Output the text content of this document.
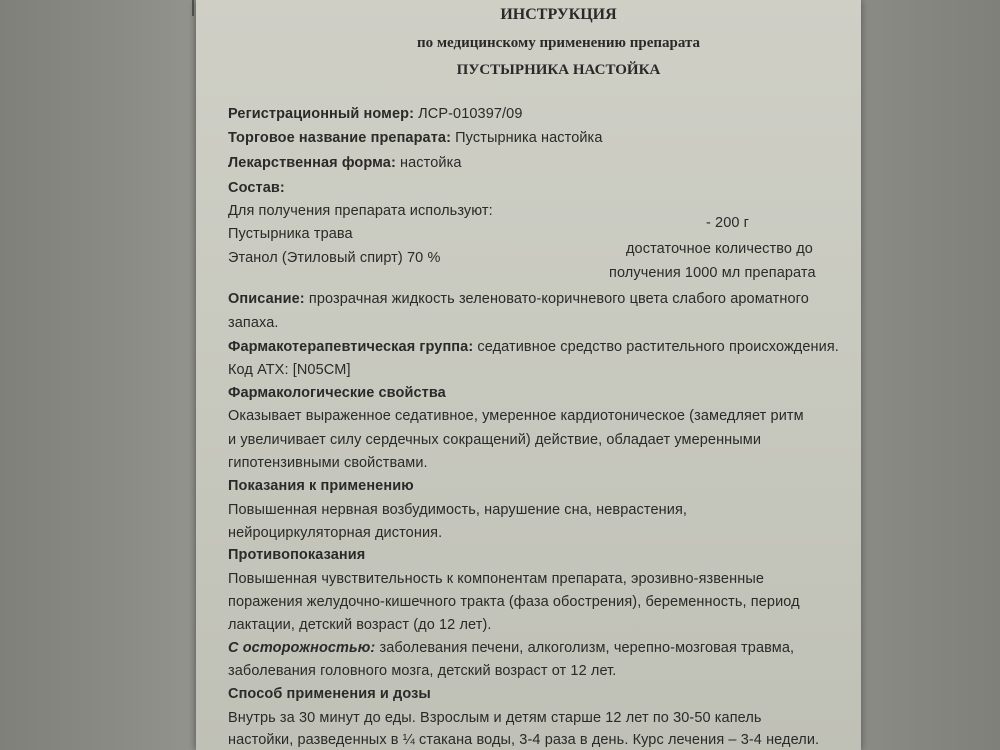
ИНСТРУКЦИЯ
по медицинскому применению препарата
ПУСТЫРНИКА НАСТОЙКА
Регистрационный номер: ЛСР-010397/09
Торговое название препарата: Пустырника настойка
Лекарственная форма: настойка
Состав:
Для получения препарата используют:
Пустырника трава
- 200 г
Этанол (Этиловый спирт) 70 %
достаточное количество до
получения 1000 мл препарата
Описание: прозрачная жидкость зеленовато-коричневого цвета слабого ароматного
запаха.
Фармакотерапевтическая группа: седативное средство растительного происхождения.
Код АТХ: [N05CM]
Фармакологические свойства
Оказывает выраженное седативное, умеренное кардиотоническое (замедляет ритм
и увеличивает силу сердечных сокращений) действие, обладает умеренными
гипотензивными свойствами.
Показания к применению
Повышенная нервная возбудимость, нарушение сна, неврастения,
нейроциркуляторная дистония.
Противопоказания
Повышенная чувствительность к компонентам препарата, эрозивно-язвенные
поражения желудочно-кишечного тракта (фаза обострения), беременность, период
лактации, детский возраст (до 12 лет).
С осторожностью: заболевания печени, алкоголизм, черепно-мозговая травма,
заболевания головного мозга, детский возраст от 12 лет.
Способ применения и дозы
Внутрь за 30 минут до еды. Взрослым и детям старше 12 лет по 30-50 капель
настойки, разведенных в ¼ стакана воды, 3-4 раза в день. Курс лечения – 3-4 недели.
